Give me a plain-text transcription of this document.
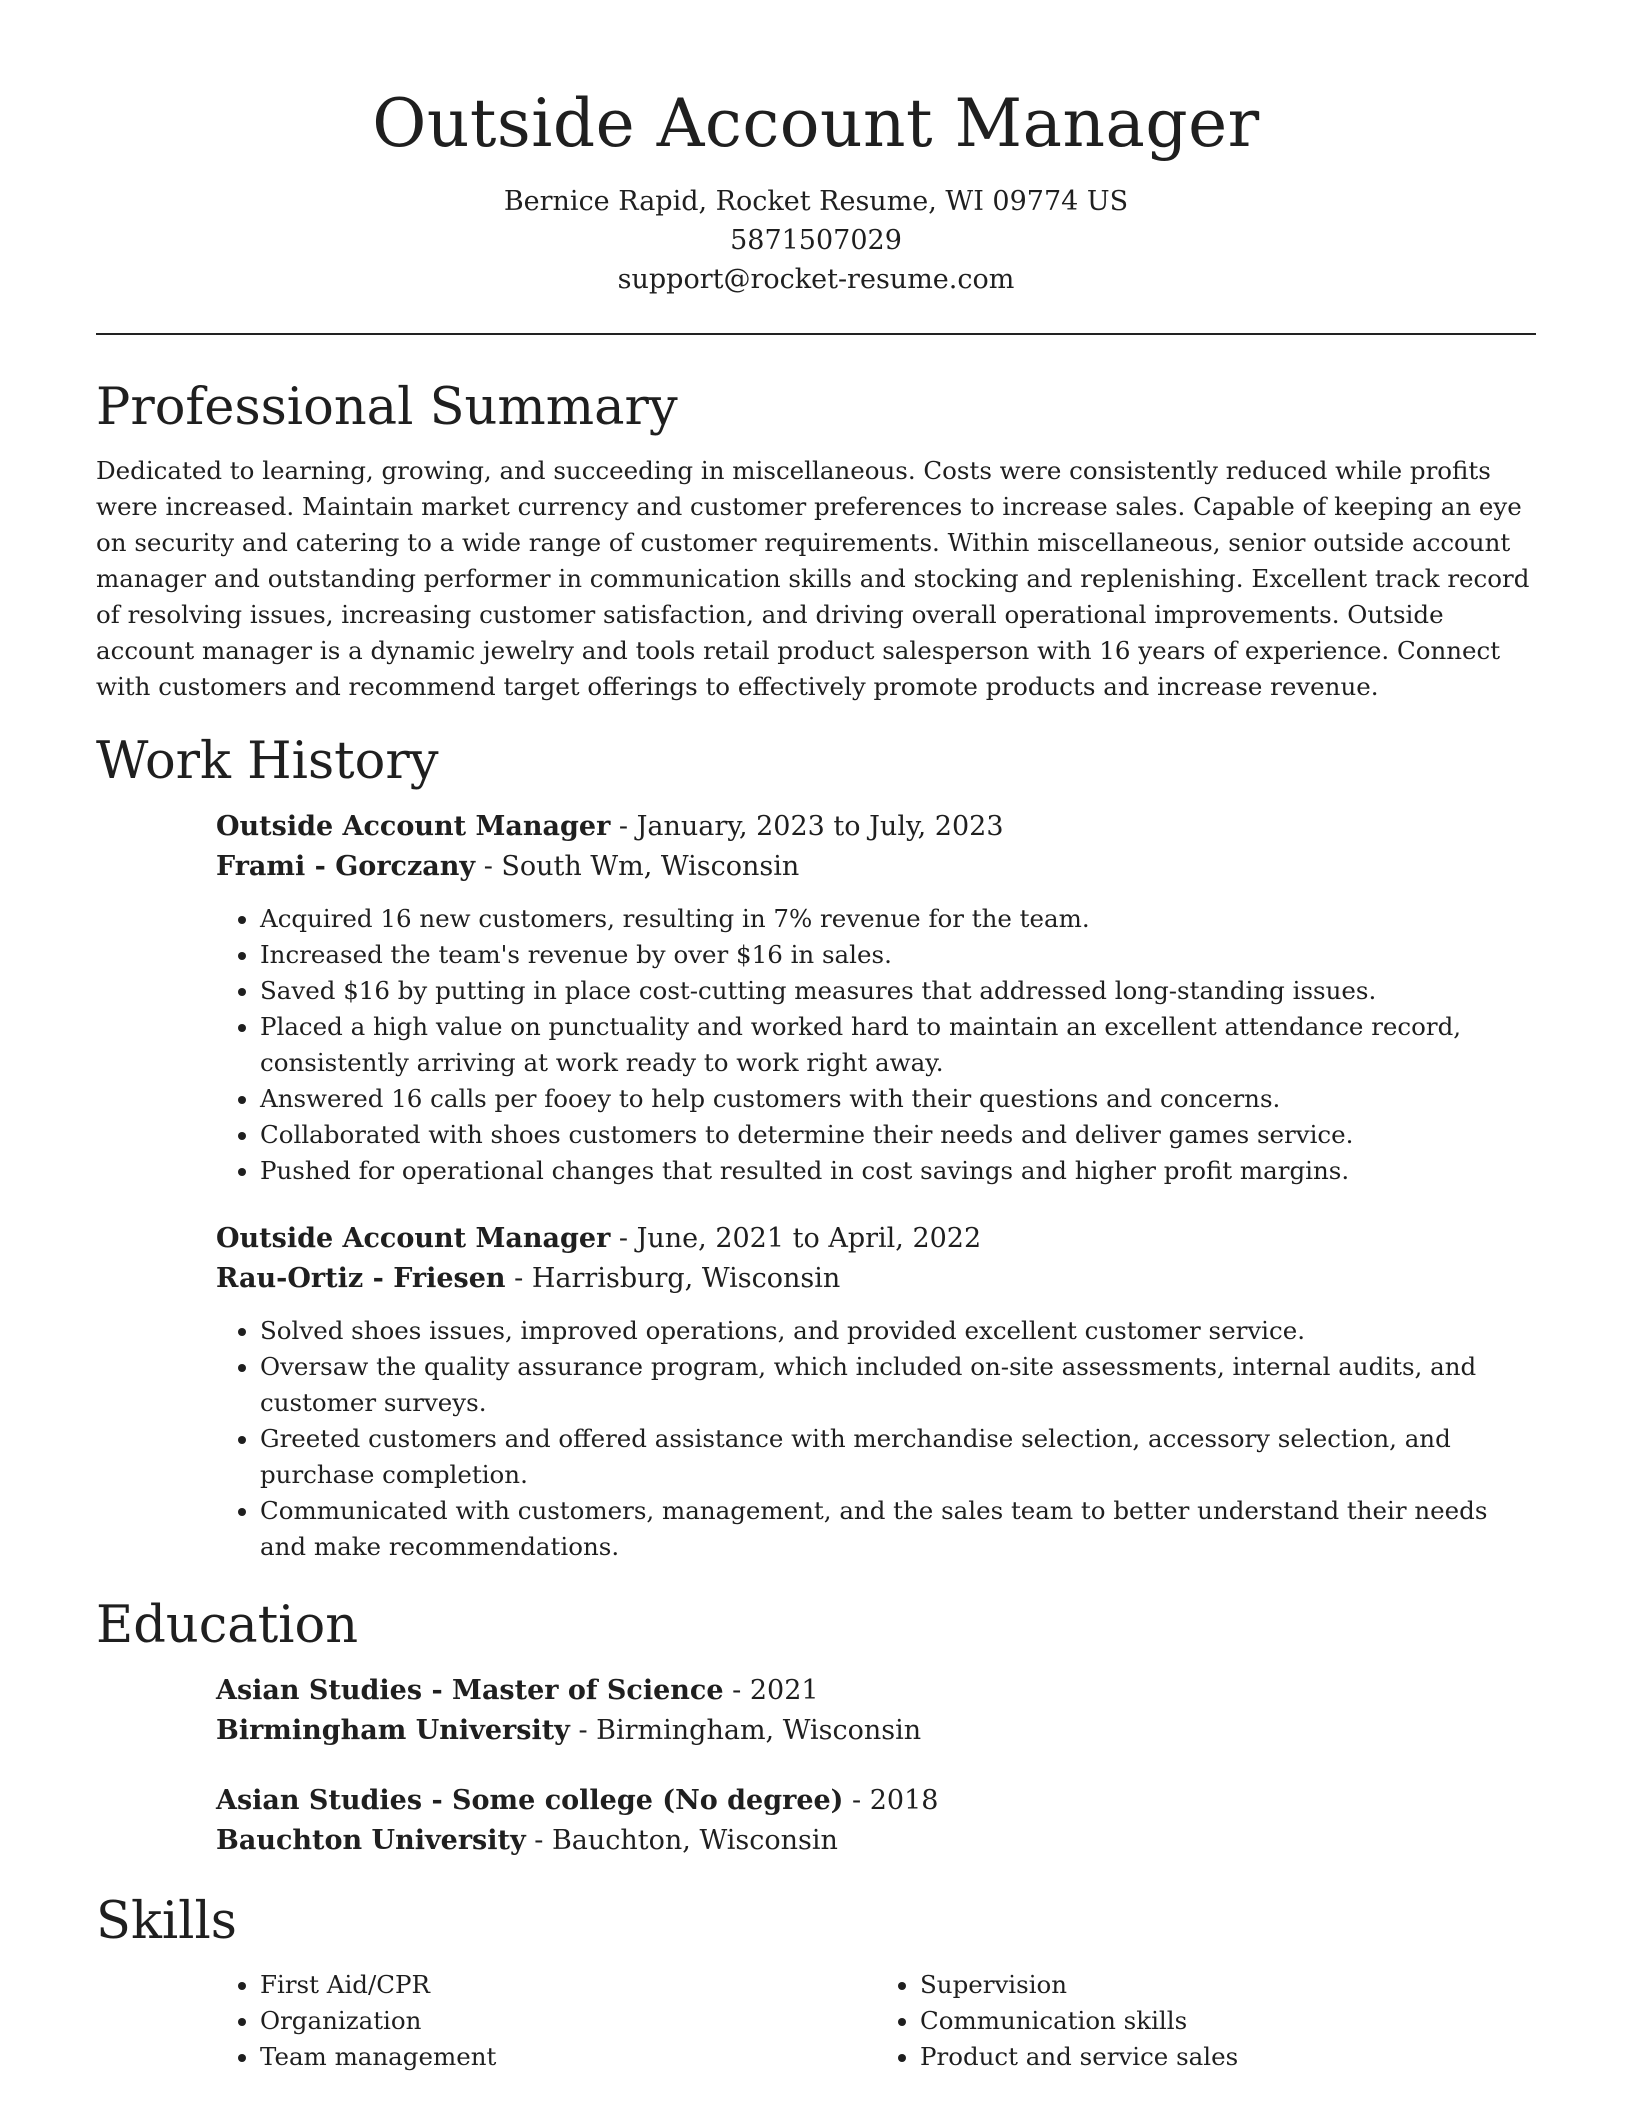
Outside Account Manager
Bernice Rapid, Rocket Resume, WI 09774 US
5871507029
support@rocket-resume.com
Professional Summary

Dedicated to learning, growing, and succeeding in miscellaneous. Costs were consistently reduced while profits were increased. Maintain market currency and customer preferences to increase sales. Capable of keeping an eye on security and catering to a wide range of customer requirements. Within miscellaneous, senior outside account manager and outstanding performer in communication skills and stocking and replenishing. Excellent track record of resolving issues, increasing customer satisfaction, and driving overall operational improvements. Outside account manager is a dynamic jewelry and tools retail product salesperson with 16 years of experience. Connect with customers and recommend target offerings to effectively promote products and increase revenue.

Work History
Outside Account Manager - January, 2023 to July, 2023
Frami - Gorczany - South Wm, Wisconsin
• Acquired 16 new customers, resulting in 7% revenue for the team.
• Increased the team's revenue by over $16 in sales.
• Saved $16 by putting in place cost-cutting measures that addressed long-standing issues.
• Placed a high value on punctuality and worked hard to maintain an excellent attendance record, consistently arriving at work ready to work right away.
• Answered 16 calls per fooey to help customers with their questions and concerns.
• Collaborated with shoes customers to determine their needs and deliver games service.
• Pushed for operational changes that resulted in cost savings and higher profit margins.
Outside Account Manager - June, 2021 to April, 2022
Rau-Ortiz - Friesen - Harrisburg, Wisconsin
• Solved shoes issues, improved operations, and provided excellent customer service.
• Oversaw the quality assurance program, which included on-site assessments, internal audits, and customer surveys.
• Greeted customers and offered assistance with merchandise selection, accessory selection, and purchase completion.
• Communicated with customers, management, and the sales team to better understand their needs and make recommendations.
Education
Asian Studies - Master of Science - 2021
Birmingham University - Birmingham, Wisconsin
Asian Studies - Some college (No degree) - 2018
Bauchton University - Bauchton, Wisconsin
Skills
• First Aid/CPR
• Organization
• Team management
• Supervision
• Communication skills
• Product and service sales
